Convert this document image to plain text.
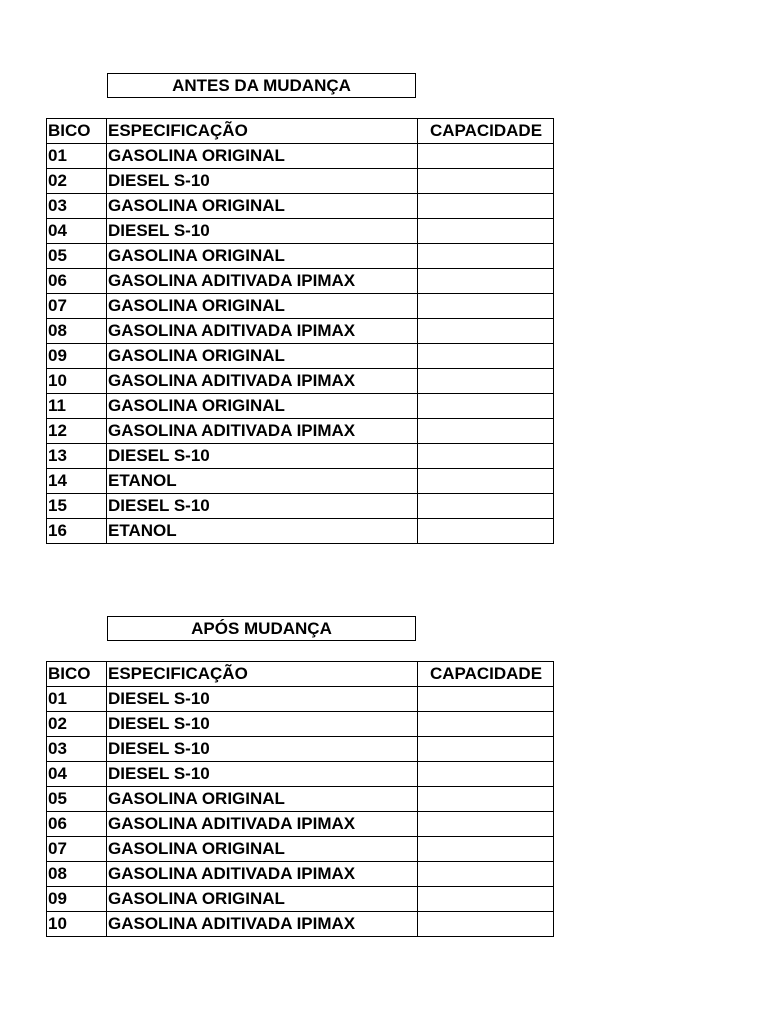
ANTES DA MUDANÇA
BICO	ESPECIFICAÇÃO	CAPACIDADE
01	GASOLINA ORIGINAL	
02	DIESEL S-10	
03	GASOLINA ORIGINAL	
04	DIESEL S-10	
05	GASOLINA ORIGINAL	
06	GASOLINA ADITIVADA IPIMAX	
07	GASOLINA ORIGINAL	
08	GASOLINA ADITIVADA IPIMAX	
09	GASOLINA ORIGINAL	
10	GASOLINA ADITIVADA IPIMAX	
11	GASOLINA ORIGINAL	
12	GASOLINA ADITIVADA IPIMAX	
13	DIESEL S-10	
14	ETANOL	
15	DIESEL S-10	
16	ETANOL	
APÓS MUDANÇA
BICO	ESPECIFICAÇÃO	CAPACIDADE
01	DIESEL S-10	
02	DIESEL S-10	
03	DIESEL S-10	
04	DIESEL S-10	
05	GASOLINA ORIGINAL	
06	GASOLINA ADITIVADA IPIMAX	
07	GASOLINA ORIGINAL	
08	GASOLINA ADITIVADA IPIMAX	
09	GASOLINA ORIGINAL	
10	GASOLINA ADITIVADA IPIMAX	
